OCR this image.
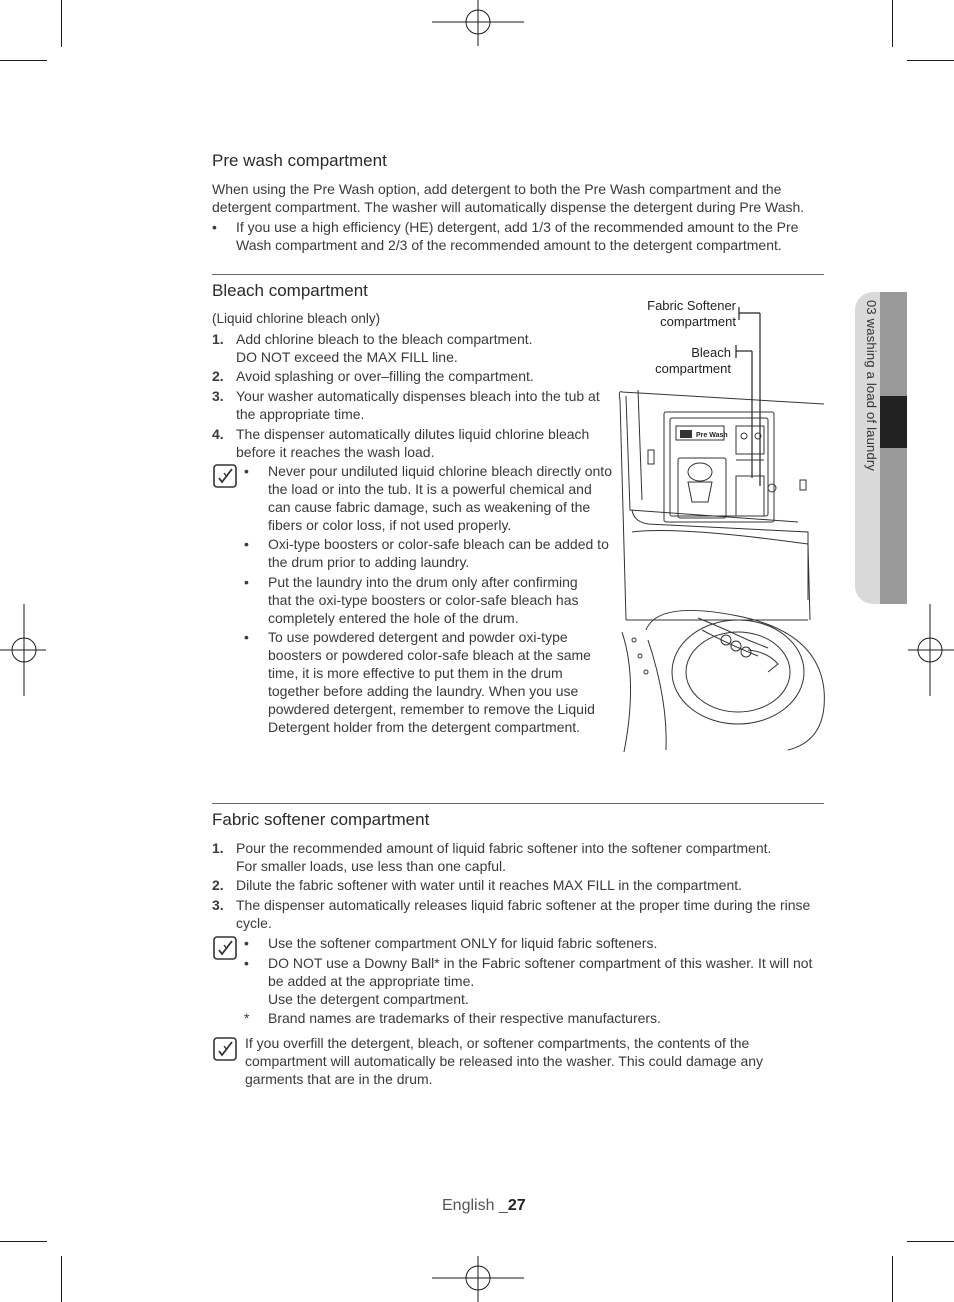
03 washing a load of laundry
Pre wash compartment
When using the Pre Wash option, add detergent to both the Pre Wash compartment and the
detergent compartment. The washer will automatically dispense the detergent during Pre Wash.
• If you use a high efficiency (HE) detergent, add 1/3 of the recommended amount to the Pre
Wash compartment and 2/3 of the recommended amount to the detergent compartment.
Bleach compartment
(Liquid chlorine bleach only)
1. Add chlorine bleach to the bleach compartment.
DO NOT exceed the MAX FILL line.
2. Avoid splashing or over–filling the compartment.
3. Your washer automatically dispenses bleach into the tub at
the appropriate time.
4. The dispenser automatically dilutes liquid chlorine bleach
before it reaches the wash load.
• Never pour undiluted liquid chlorine bleach directly onto
the load or into the tub. It is a powerful chemical and
can cause fabric damage, such as weakening of the
fibers or color loss, if not used properly.
• Oxi-type boosters or color-safe bleach can be added to
the drum prior to adding laundry.
• Put the laundry into the drum only after confirming
that the oxi-type boosters or color-safe bleach has
completely entered the hole of the drum.
• To use powdered detergent and powder oxi-type
boosters or powdered color-safe bleach at the same
time, it is more effective to put them in the drum
together before adding the laundry. When you use
powdered detergent, remember to remove the Liquid
Detergent holder from the detergent compartment.
Fabric Softener
compartment
Bleach
compartment
Pre Wash
Fabric softener compartment
1. Pour the recommended amount of liquid fabric softener into the softener compartment.
For smaller loads, use less than one capful.
2. Dilute the fabric softener with water until it reaches MAX FILL in the compartment.
3. The dispenser automatically releases liquid fabric softener at the proper time during the rinse
cycle.
• Use the softener compartment ONLY for liquid fabric softeners.
• DO NOT use a Downy Ball* in the Fabric softener compartment of this washer. It will not
be added at the appropriate time.
Use the detergent compartment.
* Brand names are trademarks of their respective manufacturers.
If you overfill the detergent, bleach, or softener compartments, the contents of the
compartment will automatically be released into the washer. This could damage any
garments that are in the drum.
English _27
